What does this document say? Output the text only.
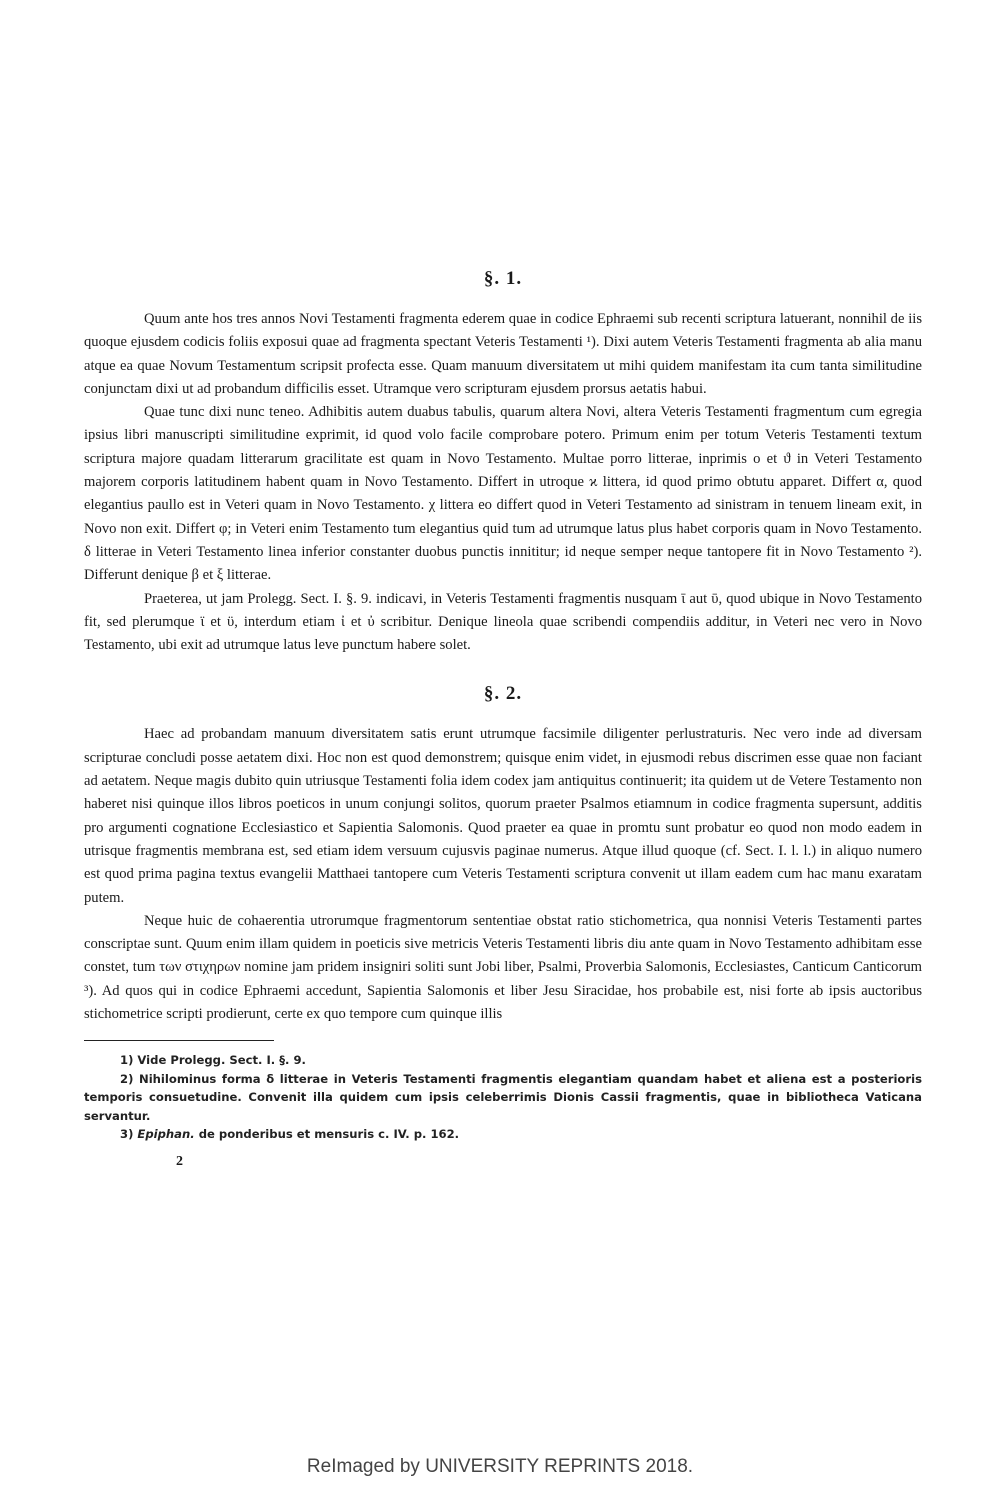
§. 1.

Quum ante hos tres annos Novi Testamenti fragmenta ederem quae in codice Ephraemi sub recenti scriptura latuerant, nonnihil de iis quoque ejusdem codicis foliis exposui quae ad fragmenta spectant Veteris Testamenti ¹). Dixi autem Veteris Testamenti fragmenta ab alia manu atque ea quae Novum Testamentum scripsit profecta esse. Quam manuum diversitatem ut mihi quidem manifestam ita cum tanta similitudine conjunctam dixi ut ad probandum difficilis esset. Utramque vero scripturam ejusdem prorsus aetatis habui.

Quae tunc dixi nunc teneo. Adhibitis autem duabus tabulis, quarum altera Novi, altera Veteris Testamenti fragmentum cum egregia ipsius libri manuscripti similitudine exprimit, id quod volo facile comprobare potero. Primum enim per totum Veteris Testamenti textum scriptura majore quadam litterarum gracilitate est quam in Novo Testamento. Multae porro litterae, inprimis ο et ϑ in Veteri Testamento majorem corporis latitudinem habent quam in Novo Testamento. Differt in utroque ϰ littera, id quod primo obtutu apparet. Differt α, quod elegantius paullo est in Veteri quam in Novo Testamento. χ littera eo differt quod in Veteri Testamento ad sinistram in tenuem lineam exit, in Novo non exit. Differt φ; in Veteri enim Testamento tum elegantius quid tum ad utrumque latus plus habet corporis quam in Novo Testamento. δ litterae in Veteri Testamento linea inferior constanter duobus punctis innititur; id neque semper neque tantopere fit in Novo Testamento ²). Differunt denique β et ξ litterae.

Praeterea, ut jam Prolegg. Sect. I. §. 9. indicavi, in Veteris Testamenti fragmentis nusquam ῑ aut ῡ, quod ubique in Novo Testamento fit, sed plerumque ϊ et ϋ, interdum etiam ἰ et ὐ scribitur. Denique lineola quae scribendi compendiis additur, in Veteri nec vero in Novo Testamento, ubi exit ad utrumque latus leve punctum habere solet.

§. 2.

Haec ad probandam manuum diversitatem satis erunt utrumque facsimile diligenter perlustraturis. Nec vero inde ad diversam scripturae concludi posse aetatem dixi. Hoc non est quod demonstrem; quisque enim videt, in ejusmodi rebus discrimen esse quae non faciant ad aetatem. Neque magis dubito quin utriusque Testamenti folia idem codex jam antiquitus continuerit; ita quidem ut de Vetere Testamento non haberet nisi quinque illos libros poeticos in unum conjungi solitos, quorum praeter Psalmos etiamnum in codice fragmenta supersunt, additis pro argumenti cognatione Ecclesiastico et Sapientia Salomonis. Quod praeter ea quae in promtu sunt probatur eo quod non modo eadem in utrisque fragmentis membrana est, sed etiam idem versuum cujusvis paginae numerus. Atque illud quoque (cf. Sect. I. l. l.) in aliquo numero est quod prima pagina textus evangelii Matthaei tantopere cum Veteris Testamenti scriptura convenit ut illam eadem cum hac manu exaratam putem.

Neque huic de cohaerentia utrorumque fragmentorum sententiae obstat ratio stichometrica, qua nonnisi Veteris Testamenti partes conscriptae sunt. Quum enim illam quidem in poeticis sive metricis Veteris Testamenti libris diu ante quam in Novo Testamento adhibitam esse constet, tum των στιχηρων nomine jam pridem insigniri soliti sunt Jobi liber, Psalmi, Proverbia Salomonis, Ecclesiastes, Canticum Canticorum ³). Ad quos qui in codice Ephraemi accedunt, Sapientia Salomonis et liber Jesu Siracidae, hos probabile est, nisi forte ab ipsis auctoribus stichometrice scripti prodierunt, certe ex quo tempore cum quinque illis

1) Vide Prolegg. Sect. I. §. 9.

2) Nihilominus forma δ litterae in Veteris Testamenti fragmentis elegantiam quandam habet et aliena est a posterioris temporis consuetudine. Convenit illa quidem cum ipsis celeberrimis Dionis Cassii fragmentis, quae in bibliotheca Vaticana servantur.

3) Epiphan. de ponderibus et mensuris c. IV. p. 162.

2
ReImaged by UNIVERSITY REPRINTS 2018.
